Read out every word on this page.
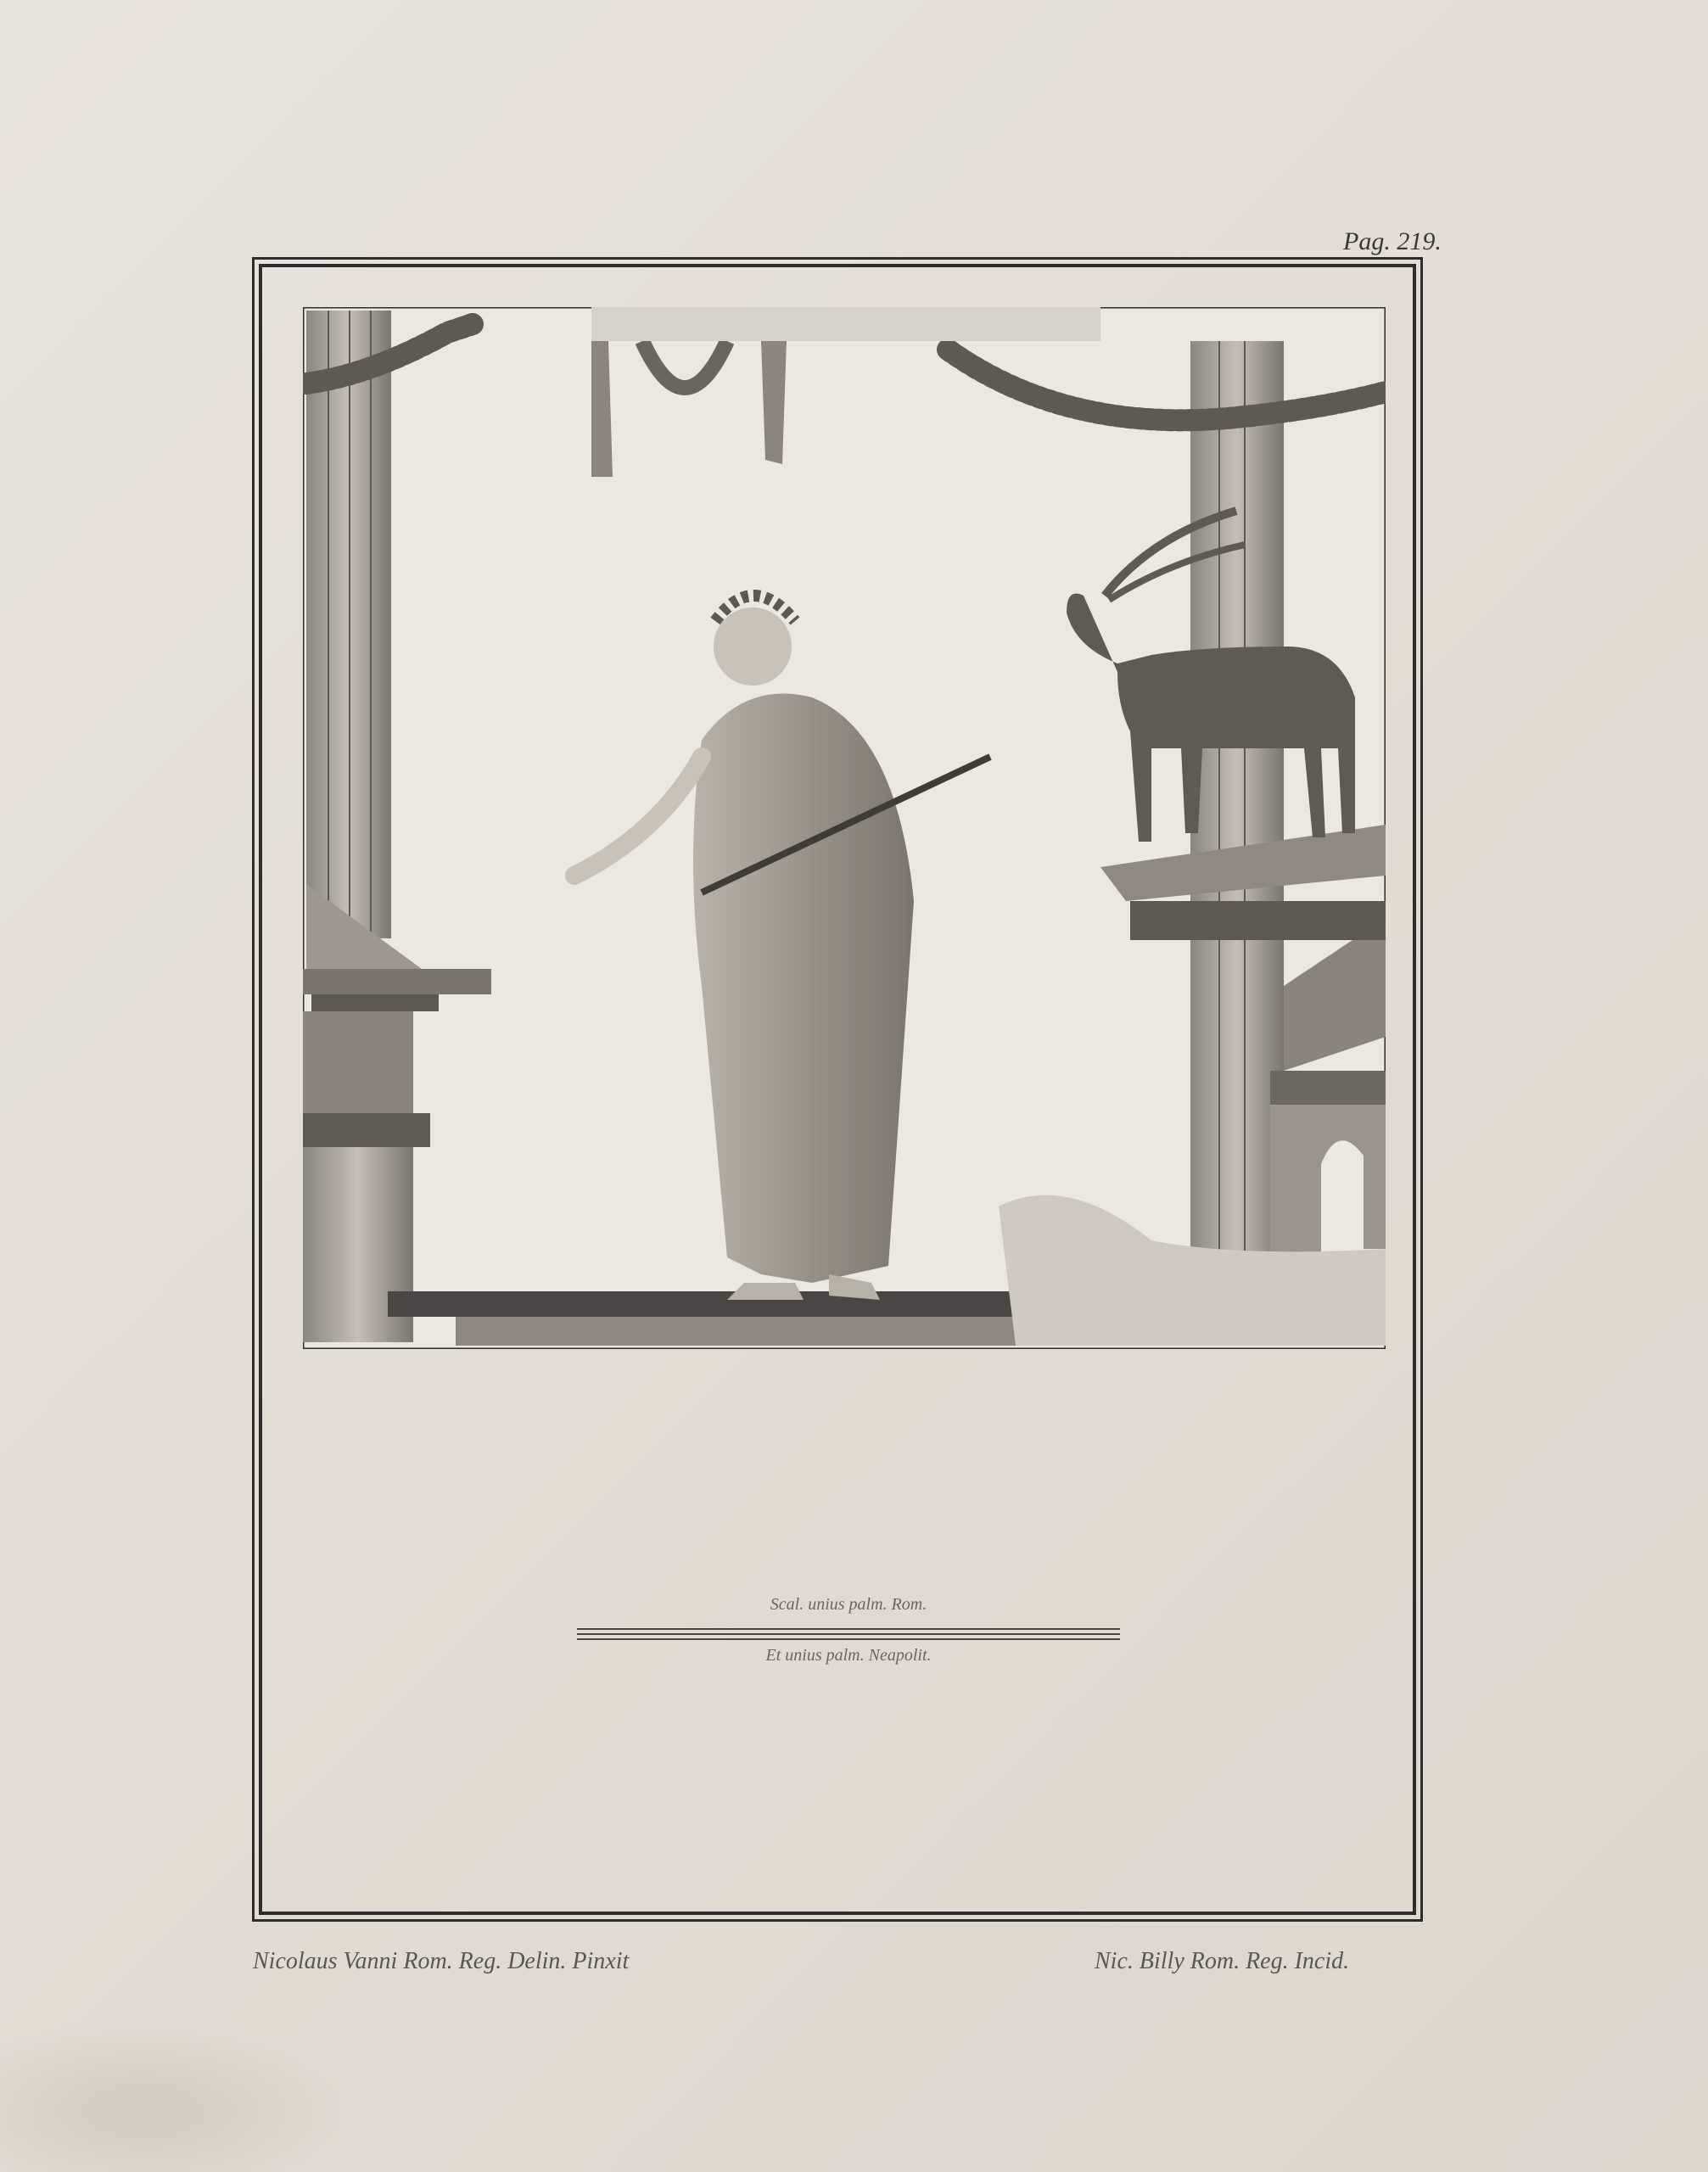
Pag. 219.
Scal. unius palm. Rom.
Et unius palm. Neapolit.
Nicolaus Vanni Rom. Reg. Delin. Pinxit	Nic. Billy Rom. Reg. Incid.
